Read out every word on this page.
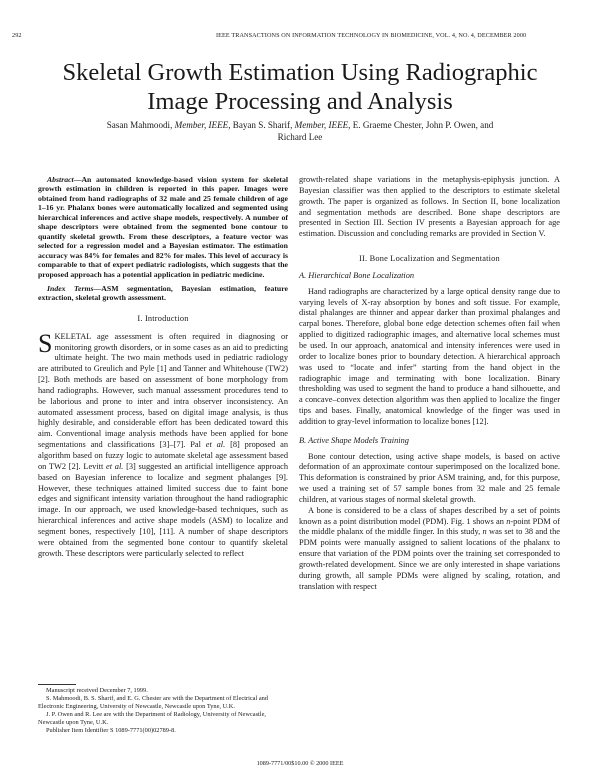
292	IEEE TRANSACTIONS ON INFORMATION TECHNOLOGY IN BIOMEDICINE, VOL. 4, NO. 4, DECEMBER 2000
Skeletal Growth Estimation Using Radiographic
Image Processing and Analysis
Sasan Mahmoodi, Member, IEEE, Bayan S. Sharif, Member, IEEE, E. Graeme Chester, John P. Owen, and
Richard Lee

Abstract—An automated knowledge-based vision system for skeletal growth estimation in children is reported in this paper. Images were obtained from hand radiographs of 32 male and 25 female children of age 1–16 yr. Phalanx bones were automatically localized and segmented using hierarchical inferences and active shape models, respectively. A number of shape descriptors were obtained from the segmented bone contour to quantify skeletal growth. From these descriptors, a feature vector was selected for a regression model and a Bayesian estimator. The estimation accuracy was 84% for females and 82% for males. This level of accuracy is comparable to that of expert pediatric radiologists, which suggests that the proposed approach has a potential application in pediatric medicine.

Index Terms—ASM segmentation, Bayesian estimation, feature extraction, skeletal growth assessment.

I. Introduction

SKELETAL age assessment is often required in diagnosing or monitoring growth disorders, or in some cases as an aid to predicting ultimate height. The two main methods used in pediatric radiology are attributed to Greulich and Pyle [1] and Tanner and Whitehouse (TW2) [2]. Both methods are based on assessment of bone morphology from hand radiographs. However, such manual assessment procedures tend to be laborious and prone to inter and intra observer inconsistency. An automated assessment process, based on digital image analysis, is thus highly desirable, and considerable effort has been dedicated toward this aim. Conventional image analysis methods have been applied for bone segmentations and classifications [3]–[7]. Pal et al. [8] proposed an algorithm based on fuzzy logic to automate skeletal age assessment based on TW2 [2]. Levitt et al. [3] suggested an artificial intelligence approach based on Bayesian inference to localize and segment phalanges [9]. However, these techniques attained limited success due to faint bone edges and significant intensity variation throughout the hand radiographic image. In our approach, we used knowledge-based techniques, such as hierarchical inferences and active shape models (ASM) to localize and segment bones, respectively [10], [11]. A number of shape descriptors were obtained from the segmented bone contour to quantify skeletal growth. These descriptors were particularly selected to reflect

Manuscript received December 7, 1999.

S. Mahmoodi, B. S. Sharif, and E. G. Chester are with the Department of Electrical and Electronic Engineering, University of Newcastle, Newcastle upon Tyne, U.K.

J. P. Owen and R. Lee are with the Department of Radiology, University of Newcastle, Newcastle upon Tyne, U.K.

Publisher Item Identifier S 1089-7771(00)02789-8.

growth-related shape variations in the metaphysis-epiphysis junction. A Bayesian classifier was then applied to the descriptors to estimate skeletal growth. The paper is organized as follows. In Section II, bone localization and segmentation methods are described. Bone shape descriptors are presented in Section III. Section IV presents a Bayesian approach for age estimation. Discussion and concluding remarks are provided in Section V.

II. Bone Localization and Segmentation

A. Hierarchical Bone Localization

Hand radiographs are characterized by a large optical density range due to varying levels of X-ray absorption by bones and soft tissue. For example, distal phalanges are thinner and appear darker than proximal phalanges and carpal bones. Therefore, global bone edge detection schemes often fail when applied to digitized radiographic images, and alternative local schemes must be used. In our approach, anatomical and intensity inferences were used in order to localize bones prior to boundary detection. A hierarchical approach was used to “locate and infer” starting from the hand object in the radiographic image and terminating with bone localization. Binary thresholding was used to segment the hand to produce a hand silhouette, and a concave–convex detection algorithm was then applied to localize the finger tips and bases. Finally, anatomical knowledge of the finger was used in addition to gray-level information to localize bones [12].

B. Active Shape Models Training

Bone contour detection, using active shape models, is based on active deformation of an approximate contour superimposed on the localized bone. This deformation is constrained by prior ASM training, and, for this purpose, we used a training set of 57 sample bones from 32 male and 25 female children, at various stages of normal skeletal growth.

A bone is considered to be a class of shapes described by a set of points known as a point distribution model (PDM). Fig. 1 shows an n-point PDM of the middle phalanx of the middle finger. In this study, n was set to 38 and the PDM points were manually assigned to salient locations of the phalanx to ensure that variation of the PDM points over the training set corresponded to growth-related development. Since we are only interested in shape variations during growth, all sample PDMs were aligned by scaling, rotation, and translation with respect

1089-7771/00$10.00 © 2000 IEEE
